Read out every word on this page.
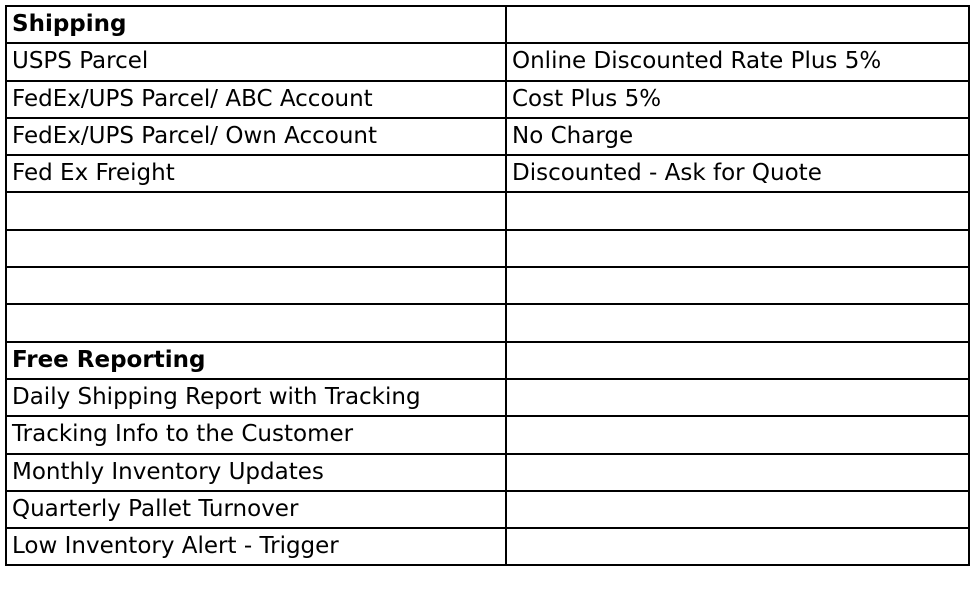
Shipping	
USPS Parcel	Online Discounted Rate Plus 5%
FedEx/UPS Parcel/ ABC Account	Cost Plus 5%
FedEx/UPS Parcel/ Own Account	No Charge
Fed Ex Freight	Discounted - Ask for Quote

Free Reporting	
Daily Shipping Report with Tracking	
Tracking Info to the Customer	
Monthly Inventory Updates	
Quarterly Pallet Turnover	
Low Inventory Alert - Trigger	
